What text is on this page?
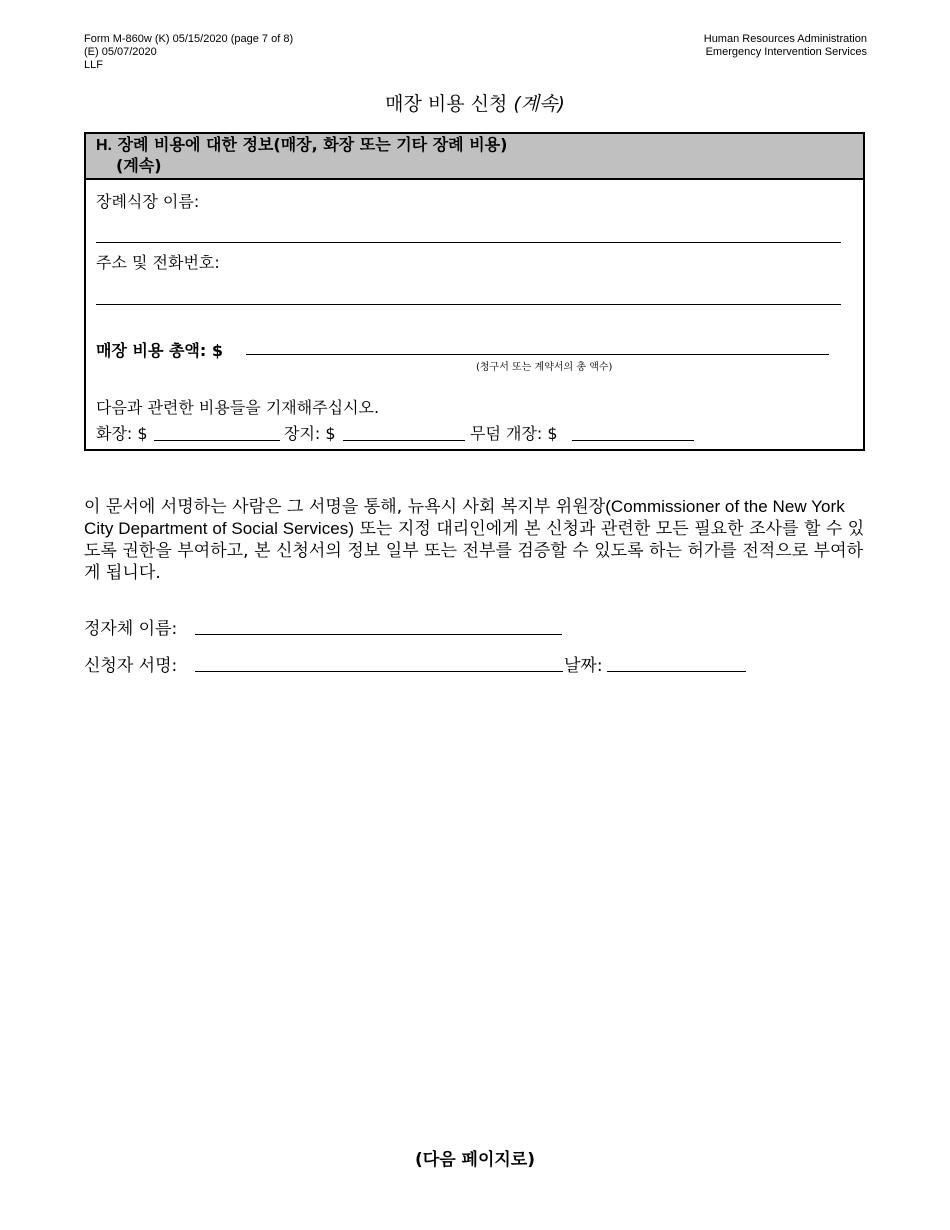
Form M-860w (K) 05/15/2020 (page 7 of 8)
(E) 05/07/2020
LLF
Human Resources Administration
Emergency Intervention Services
매장 비용 신청 (계속)
H. 장례 비용에 대한 정보(매장, 화장 또는 기타 장례 비용)
(계속)
장례식장 이름:
주소 및 전화번호:
매장 비용 총액: $
(청구서 또는 계약서의 총 액수)
다음과 관련한 비용들을 기재해주십시오.
화장: $	장지: $	무덤 개장: $
이 문서에 서명하는 사람은 그 서명을 통해, 뉴욕시 사회 복지부 위원장(Commissioner of the New York City Department of Social Services) 또는 지정 대리인에게 본 신청과 관련한 모든 필요한 조사를 할 수 있도록 권한을 부여하고, 본 신청서의 정보 일부 또는 전부를 검증할 수 있도록 하는 허가를 전적으로 부여하게 됩니다.
정자체 이름:
신청자 서명:	날짜:
(다음 페이지로)
